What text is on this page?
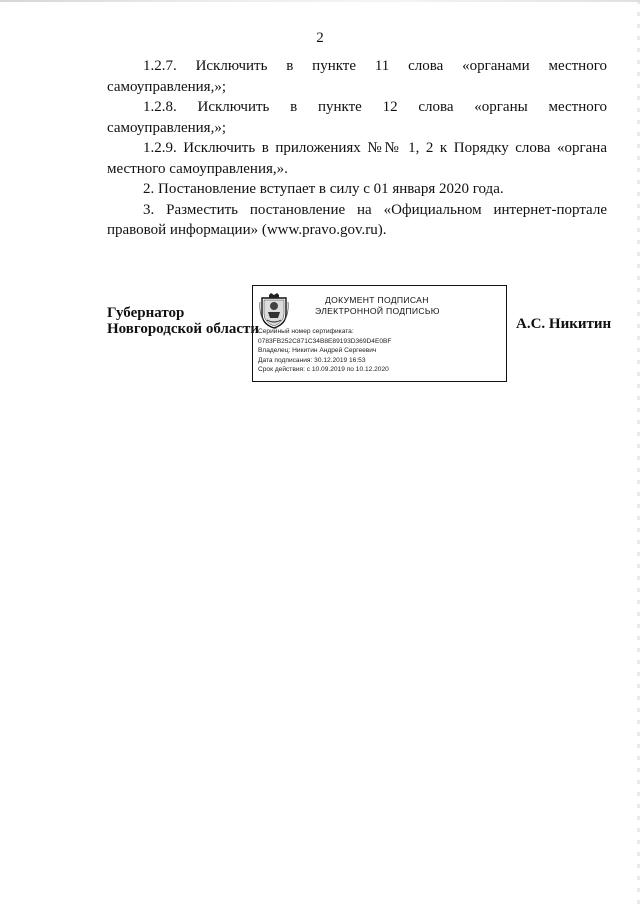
2

1.2.7. Исключить в пункте 11 слова «органами местного самоуправления,»;

1.2.8. Исключить в пункте 12 слова «органы местного самоуправления,»;

1.2.9. Исключить в приложениях №№ 1, 2 к Порядку слова «органа местного самоуправления,».

2. Постановление вступает в силу с 01 января 2020 года.

3. Разместить постановление на «Официальном интернет-портале правовой информации» (www.pravo.gov.ru).

Губернатор
Новгородской области
ДОКУМЕНТ ПОДПИСАН
ЭЛЕКТРОННОЙ ПОДПИСЬЮ
Серийный номер сертификата:
0783FB252C871C34B8E89193D369D4E0BF
Владелец: Никитин Андрей Сергеевич
Дата подписания: 30.12.2019 16:53
Срок действия: с 10.09.2019 по 10.12.2020
А.С. Никитин
